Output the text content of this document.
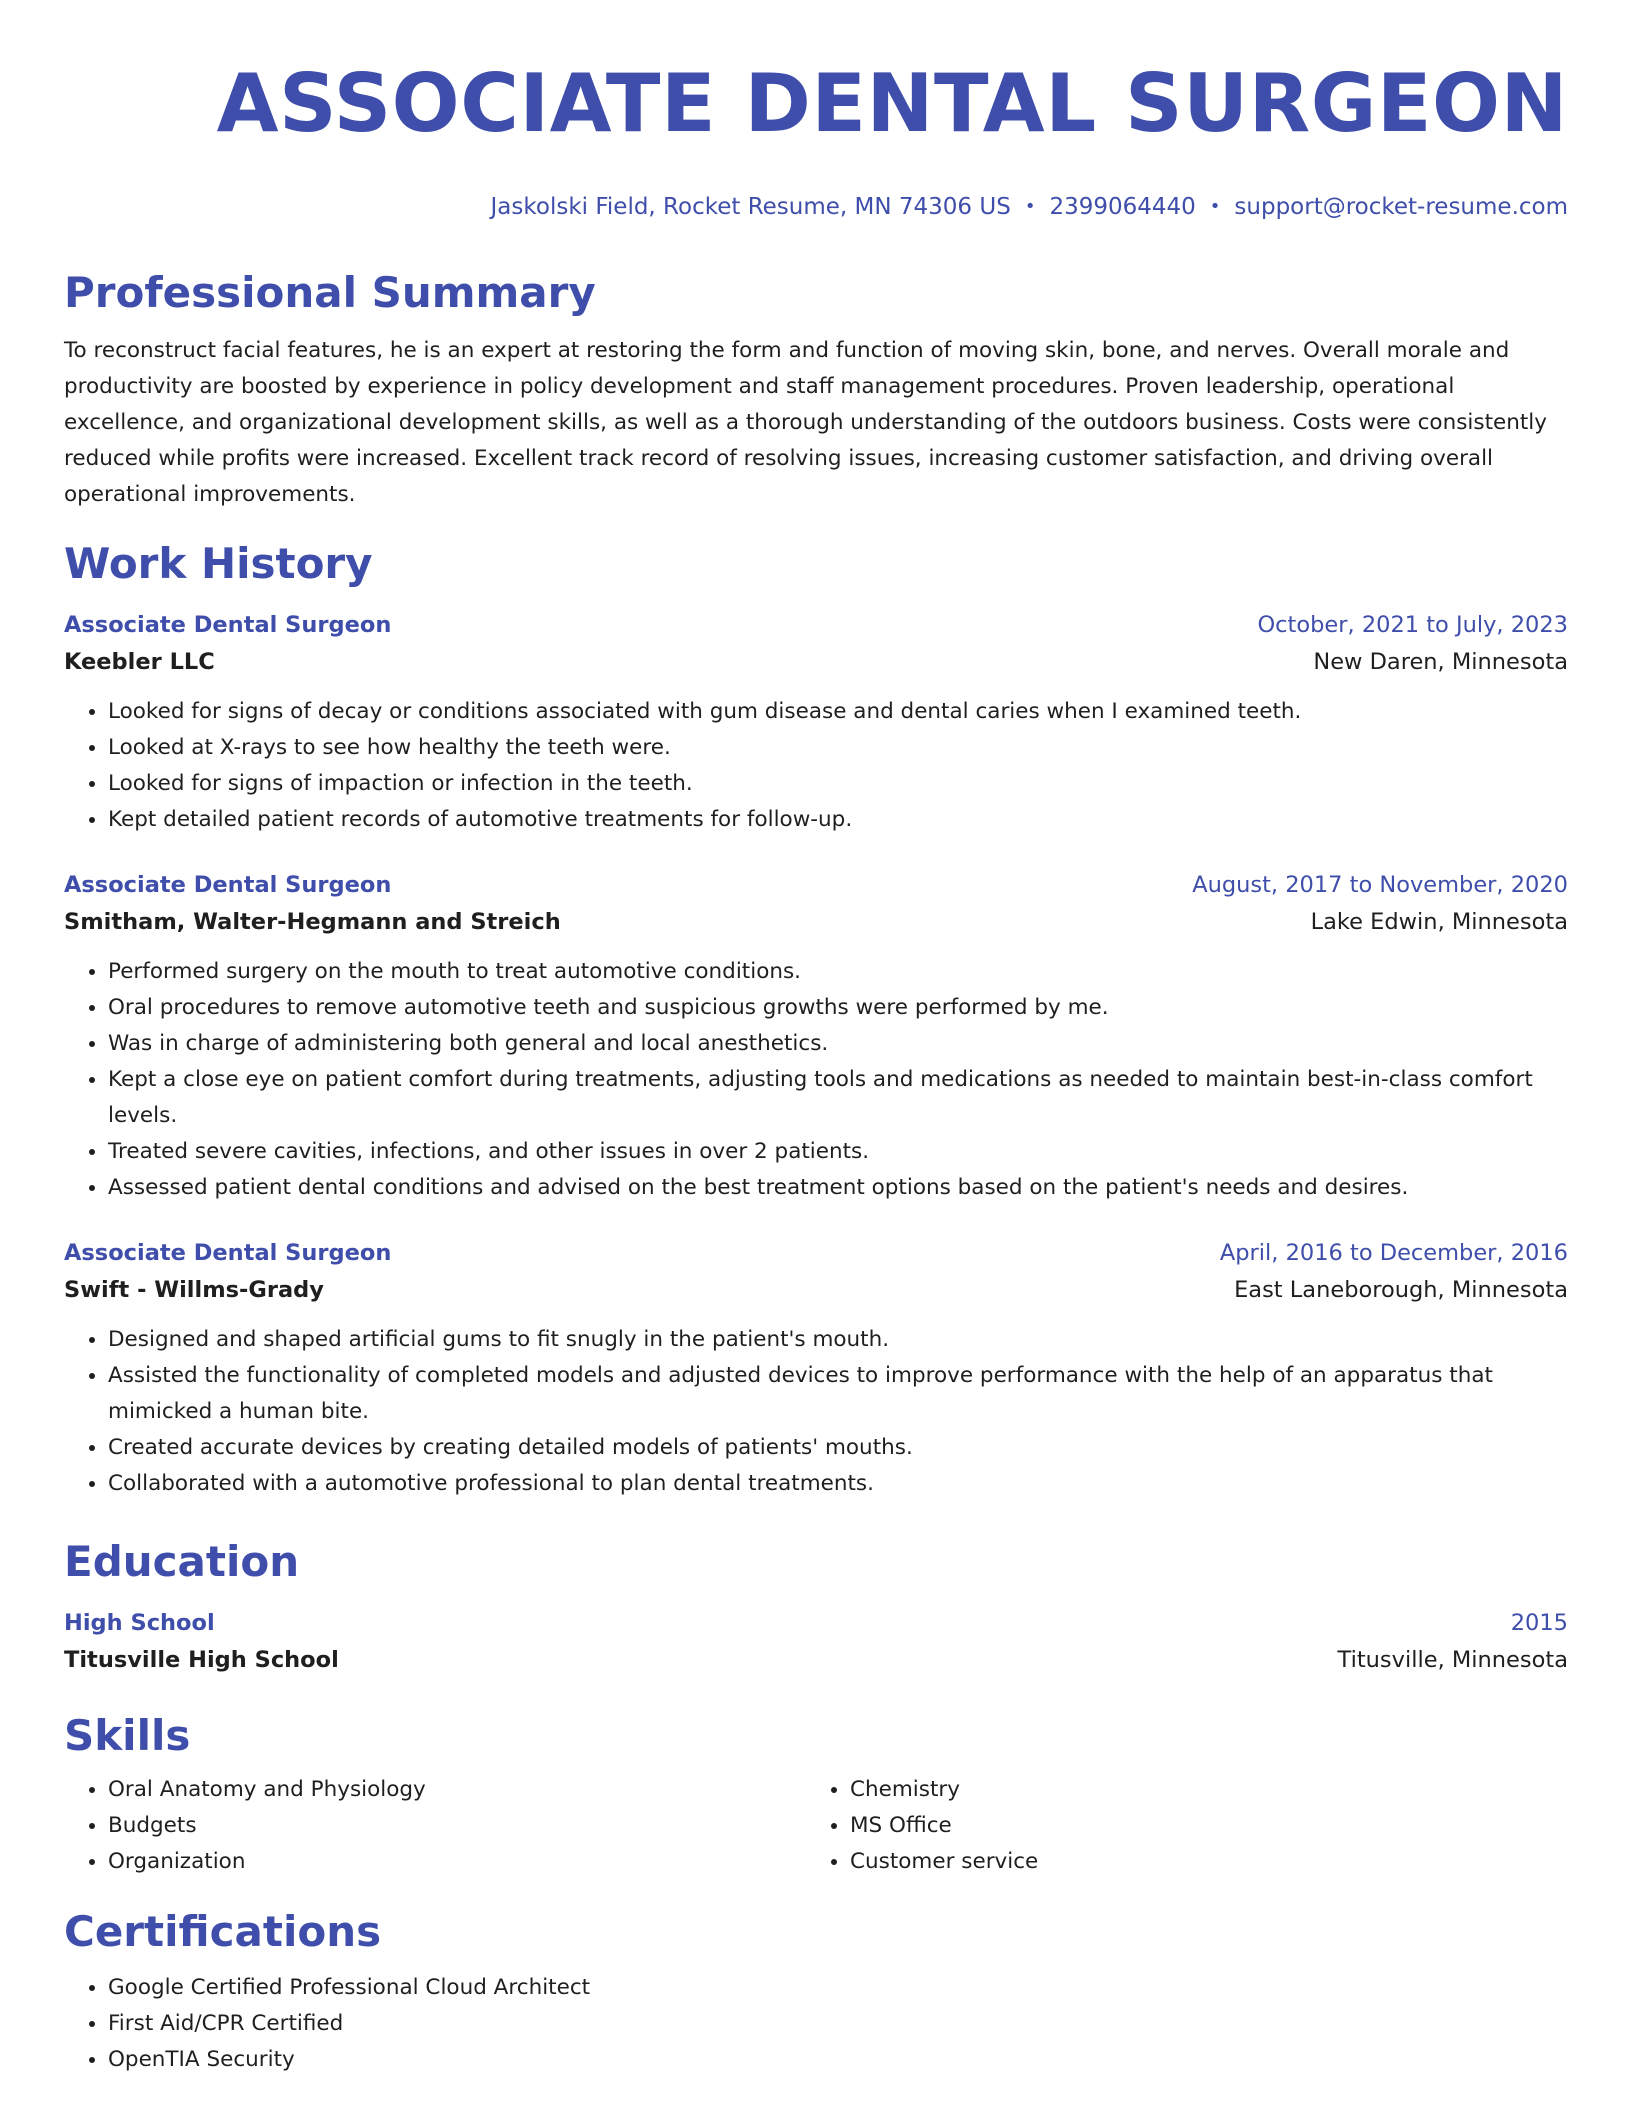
ASSOCIATE DENTAL SURGEON
Jaskolski Field, Rocket Resume, MN 74306 US • 2399064440 • support@rocket-resume.com
Professional Summary
To reconstruct facial features, he is an expert at restoring the form and function of moving skin, bone, and nerves. Overall morale and productivity are boosted by experience in policy development and staff management procedures. Proven leadership, operational excellence, and organizational development skills, as well as a thorough understanding of the outdoors business. Costs were consistently reduced while profits were increased. Excellent track record of resolving issues, increasing customer satisfaction, and driving overall operational improvements.
Work History
Associate Dental Surgeon	October, 2021 to July, 2023
Keebler LLC	New Daren, Minnesota
• Looked for signs of decay or conditions associated with gum disease and dental caries when I examined teeth.
• Looked at X-rays to see how healthy the teeth were.
• Looked for signs of impaction or infection in the teeth.
• Kept detailed patient records of automotive treatments for follow-up.
Associate Dental Surgeon	August, 2017 to November, 2020
Smitham, Walter-Hegmann and Streich	Lake Edwin, Minnesota
• Performed surgery on the mouth to treat automotive conditions.
• Oral procedures to remove automotive teeth and suspicious growths were performed by me.
• Was in charge of administering both general and local anesthetics.
• Kept a close eye on patient comfort during treatments, adjusting tools and medications as needed to maintain best-in-class comfort levels.
• Treated severe cavities, infections, and other issues in over 2 patients.
• Assessed patient dental conditions and advised on the best treatment options based on the patient's needs and desires.
Associate Dental Surgeon	April, 2016 to December, 2016
Swift - Willms-Grady	East Laneborough, Minnesota
• Designed and shaped artificial gums to fit snugly in the patient's mouth.
• Assisted the functionality of completed models and adjusted devices to improve performance with the help of an apparatus that mimicked a human bite.
• Created accurate devices by creating detailed models of patients' mouths.
• Collaborated with a automotive professional to plan dental treatments.
Education
High School	2015
Titusville High School	Titusville, Minnesota
Skills
• Oral Anatomy and Physiology
• Budgets
• Organization
• Chemistry
• MS Office
• Customer service
Certifications
• Google Certified Professional Cloud Architect
• First Aid/CPR Certified
• OpenTIA Security
